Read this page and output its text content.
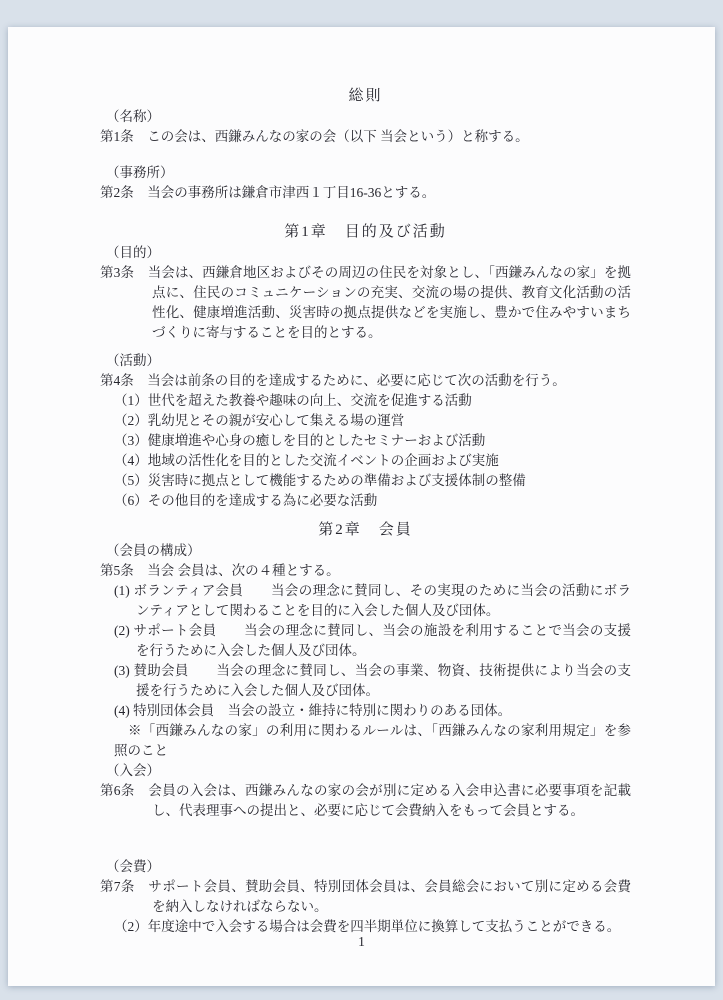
総則

（名称）

第1条　この会は、西鎌みんなの家の会（以下 当会という）と称する。

（事務所）

第2条　当会の事務所は鎌倉市津西１丁目16-36とする。

第1章　目的及び活動

（目的）

第3条　当会は、西鎌倉地区およびその周辺の住民を対象とし、「西鎌みんなの家」を拠点に、住民のコミュニケーションの充実、交流の場の提供、教育文化活動の活性化、健康増進活動、災害時の拠点提供などを実施し、豊かで住みやすいまちづくりに寄与することを目的とする。

（活動）

第4条　当会は前条の目的を達成するために、必要に応じて次の活動を行う。

（1）世代を超えた教養や趣味の向上、交流を促進する活動

（2）乳幼児とその親が安心して集える場の運営

（3）健康増進や心身の癒しを目的としたセミナーおよび活動

（4）地域の活性化を目的とした交流イベントの企画および実施

（5）災害時に拠点として機能するための準備および支援体制の整備

（6）その他目的を達成する為に必要な活動

第2章　会員

（会員の構成）

第5条　当会 会員は、次の４種とする。

(1) ボランティア会員　　当会の理念に賛同し、その実現のために当会の活動にボランティアとして関わることを目的に入会した個人及び団体。

(2) サポート会員　　当会の理念に賛同し、当会の施設を利用することで当会の支援を行うために入会した個人及び団体。

(3) 賛助会員　　当会の理念に賛同し、当会の事業、物資、技術提供により当会の支援を行うために入会した個人及び団体。

(4) 特別団体会員　当会の設立・維持に特別に関わりのある団体。

※「西鎌みんなの家」の利用に関わるルールは、「西鎌みんなの家利用規定」を参照のこと

（入会）

第6条　会員の入会は、西鎌みんなの家の会が別に定める入会申込書に必要事項を記載し、代表理事への提出と、必要に応じて会費納入をもって会員とする。

（会費）

第7条　サポート会員、賛助会員、特別団体会員は、会員総会において別に定める会費を納入しなければならない。

（2）年度途中で入会する場合は会費を四半期単位に換算して支払うことができる。

1
